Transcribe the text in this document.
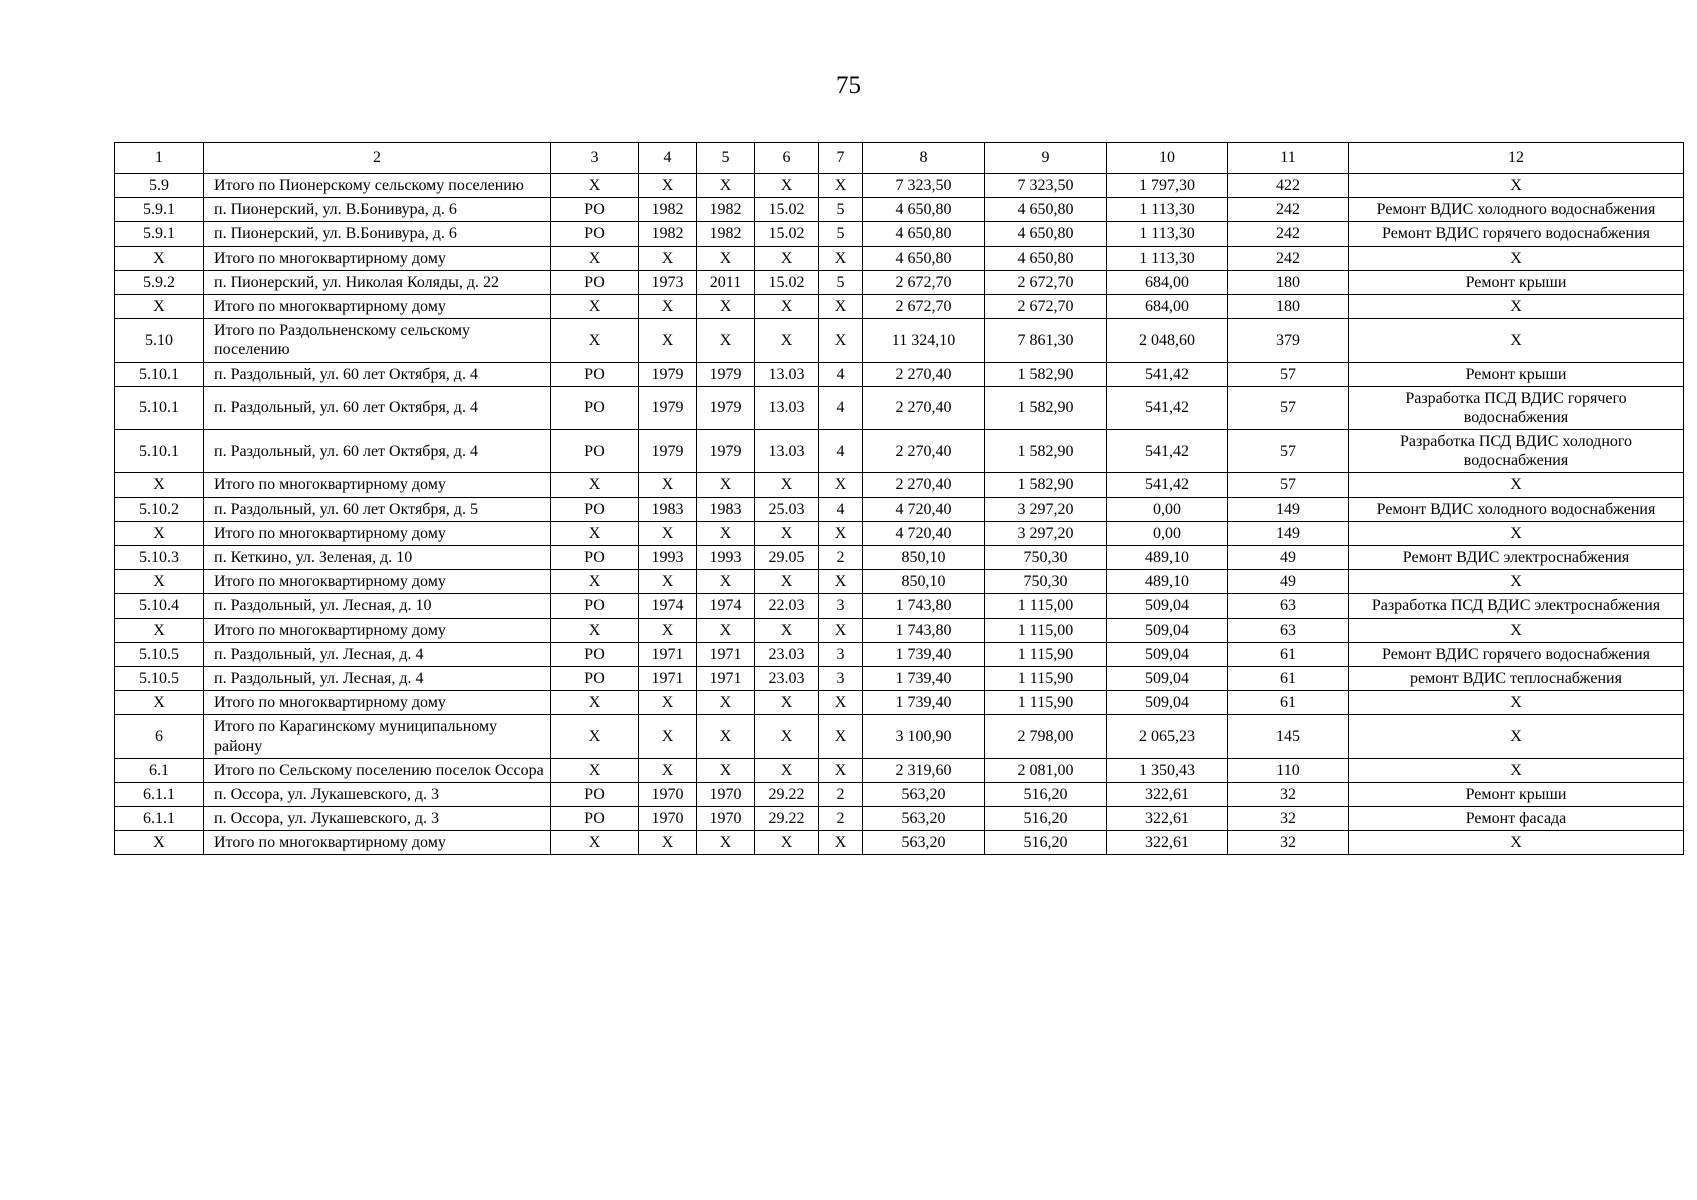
75
1	2	3	4	5	6	7	8	9	10	11	12
5.9	Итого по Пионерскому сельскому поселению	X	X	X	X	X	7 323,50	7 323,50	1 797,30	422	X
5.9.1	п. Пионерский, ул. В.Бонивура, д. 6	РО	1982	1982	15.02	5	4 650,80	4 650,80	1 113,30	242	Ремонт ВДИС холодного водоснабжения
5.9.1	п. Пионерский, ул. В.Бонивура, д. 6	РО	1982	1982	15.02	5	4 650,80	4 650,80	1 113,30	242	Ремонт ВДИС горячего водоснабжения
X	Итого по многоквартирному дому	X	X	X	X	X	4 650,80	4 650,80	1 113,30	242	X
5.9.2	п. Пионерский, ул. Николая Коляды, д. 22	РО	1973	2011	15.02	5	2 672,70	2 672,70	684,00	180	Ремонт крыши
X	Итого по многоквартирному дому	X	X	X	X	X	2 672,70	2 672,70	684,00	180	X
5.10	Итого по Раздольненскому сельскому поселению	X	X	X	X	X	11 324,10	7 861,30	2 048,60	379	X
5.10.1	п. Раздольный, ул. 60 лет Октября, д. 4	РО	1979	1979	13.03	4	2 270,40	1 582,90	541,42	57	Ремонт крыши
5.10.1	п. Раздольный, ул. 60 лет Октября, д. 4	РО	1979	1979	13.03	4	2 270,40	1 582,90	541,42	57	Разработка ПСД ВДИС горячего водоснабжения
5.10.1	п. Раздольный, ул. 60 лет Октября, д. 4	РО	1979	1979	13.03	4	2 270,40	1 582,90	541,42	57	Разработка ПСД ВДИС холодного водоснабжения
X	Итого по многоквартирному дому	X	X	X	X	X	2 270,40	1 582,90	541,42	57	X
5.10.2	п. Раздольный, ул. 60 лет Октября, д. 5	РО	1983	1983	25.03	4	4 720,40	3 297,20	0,00	149	Ремонт ВДИС холодного водоснабжения
X	Итого по многоквартирному дому	X	X	X	X	X	4 720,40	3 297,20	0,00	149	X
5.10.3	п. Кеткино, ул. Зеленая, д. 10	РО	1993	1993	29.05	2	850,10	750,30	489,10	49	Ремонт ВДИС электроснабжения
X	Итого по многоквартирному дому	X	X	X	X	X	850,10	750,30	489,10	49	X
5.10.4	п. Раздольный, ул. Лесная, д. 10	РО	1974	1974	22.03	3	1 743,80	1 115,00	509,04	63	Разработка ПСД ВДИС электроснабжения
X	Итого по многоквартирному дому	X	X	X	X	X	1 743,80	1 115,00	509,04	63	X
5.10.5	п. Раздольный, ул. Лесная, д. 4	РО	1971	1971	23.03	3	1 739,40	1 115,90	509,04	61	Ремонт ВДИС горячего водоснабжения
5.10.5	п. Раздольный, ул. Лесная, д. 4	РО	1971	1971	23.03	3	1 739,40	1 115,90	509,04	61	ремонт ВДИС теплоснабжения
X	Итого по многоквартирному дому	X	X	X	X	X	1 739,40	1 115,90	509,04	61	X
6	Итого по Карагинскому муниципальному району	X	X	X	X	X	3 100,90	2 798,00	2 065,23	145	X
6.1	Итого по Сельскому поселению поселок Оссора	X	X	X	X	X	2 319,60	2 081,00	1 350,43	110	X
6.1.1	п. Оссора, ул. Лукашевского, д. 3	РО	1970	1970	29.22	2	563,20	516,20	322,61	32	Ремонт крыши
6.1.1	п. Оссора, ул. Лукашевского, д. 3	РО	1970	1970	29.22	2	563,20	516,20	322,61	32	Ремонт фасада
X	Итого по многоквартирному дому	X	X	X	X	X	563,20	516,20	322,61	32	X
